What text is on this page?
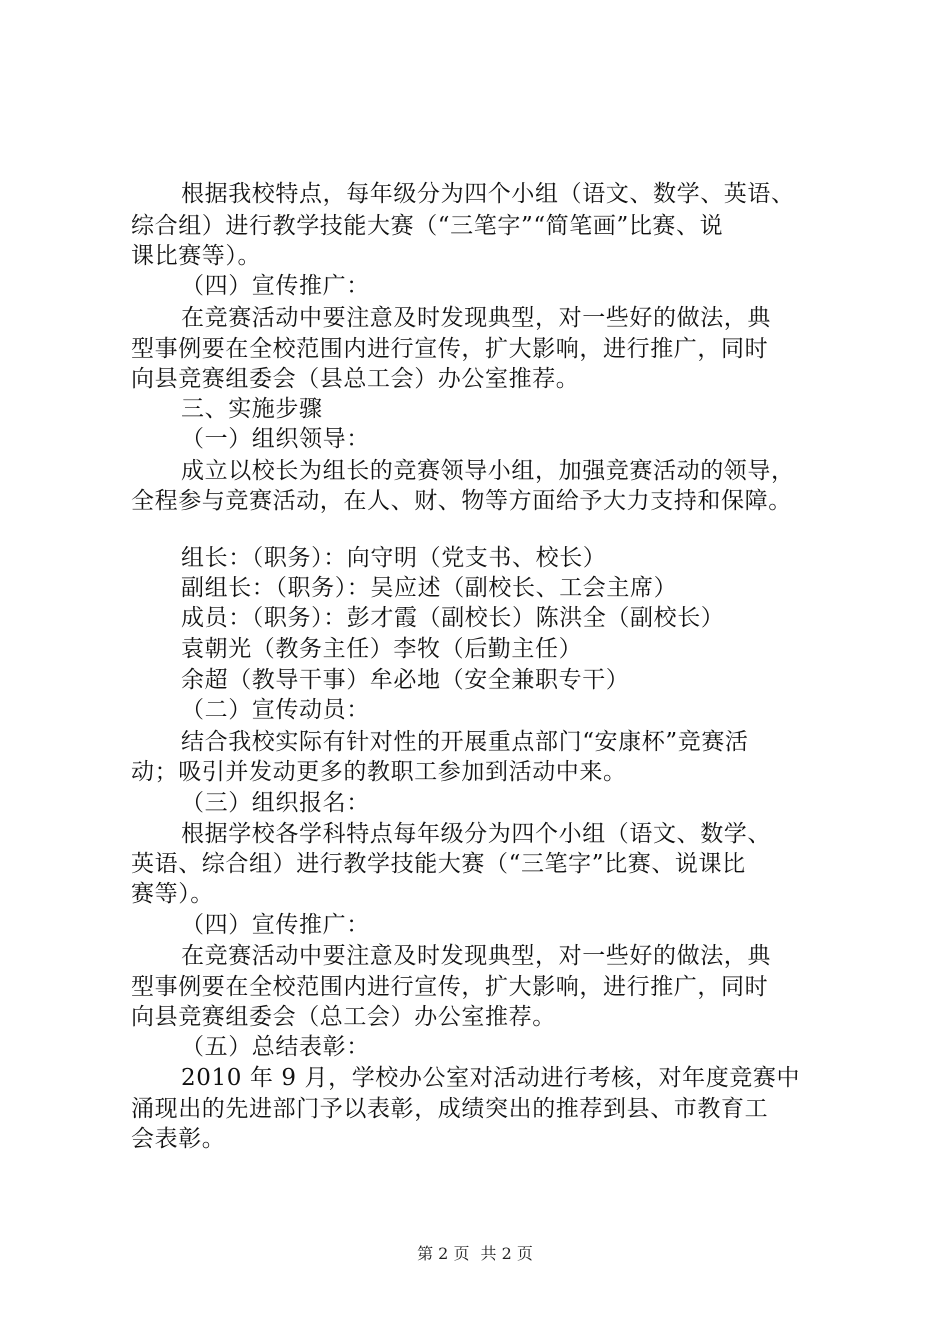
根据我校特点，每年级分为四个小组（语文、数学、英语、
综合组）进行教学技能大赛（“三笔字”“简笔画”比赛、说
课比赛等）。
（四）宣传推广：
在竞赛活动中要注意及时发现典型，对一些好的做法，典
型事例要在全校范围内进行宣传，扩大影响，进行推广，同时
向县竞赛组委会（县总工会）办公室推荐。
三、实施步骤
（一）组织领导：
成立以校长为组长的竞赛领导小组，加强竞赛活动的领导，
全程参与竞赛活动，在人、财、物等方面给予大力支持和保障。
组长：（职务）：向守明（党支书、校长）
副组长：（职务）：吴应述（副校长、工会主席）
成员：（职务）：彭才霞（副校长）陈洪全（副校长）
袁朝光（教务主任）李牧（后勤主任）
余超（教导干事）牟必地（安全兼职专干）
（二）宣传动员：
结合我校实际有针对性的开展重点部门“安康杯”竞赛活
动；吸引并发动更多的教职工参加到活动中来。
（三）组织报名：
根据学校各学科特点每年级分为四个小组（语文、数学、
英语、综合组）进行教学技能大赛（“三笔字”比赛、说课比
赛等）。
（四）宣传推广：
在竞赛活动中要注意及时发现典型，对一些好的做法，典
型事例要在全校范围内进行宣传，扩大影响，进行推广，同时
向县竞赛组委会（总工会）办公室推荐。
（五）总结表彰：
2010 年 9 月，学校办公室对活动进行考核，对年度竞赛中
涌现出的先进部门予以表彰，成绩突出的推荐到县、市教育工
会表彰。
第 2 页 共 2 页
